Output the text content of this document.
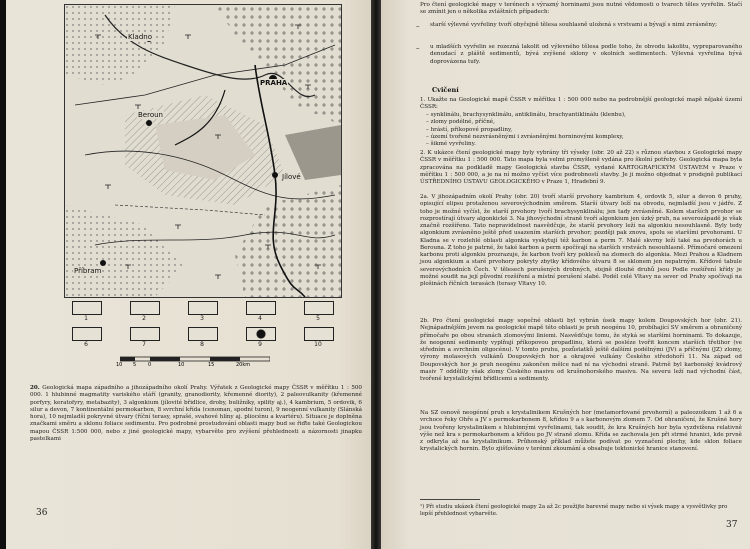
Kladno
PRAHA
Beroun
Jílové
Příbram
1	2	3	4	5
6	7	8	9	10
10 5 0	10	15	20km
20. Geologická mapa západního a jihozápadního okolí Prahy. Výřatek z Geologické mapy ČSSR v měřítku 1 : 500 000. 1 hlubinné magmatity variského stáří (granity, granodiority, křemenné diority), 2 paleovulkanity (křemenné porfyry, keratofyry, metabazity), 3 algonkium (jílovité břidlice, droby, buližníky, spility aj.), 4 kambrium, 5 ordovik, 6 silur a devon, 7 kontinentální permokarbon, 8 svrchní křída (cenoman, spodní turon), 9 neogenní vulkanity (Slánská hora), 10 nejmladší pokryvné útvary (říční terasy, sprašé, svahové hlíny aj. pliocénu a kvartéru). Situace je doplněna značkami směru a sklonu foliace sedimentu. Pro podrobné prostudování oblasti mapy bud se řiďte také Geologickou mapou ČSSR 1:500 000, nebo z jiné geologické mapy, vybarvěte pro zvýšení přehlednosti a názornosti jinapku pastelkami
36
Pro čtení geologické mapy v terénech s výrazný horninami jsou nutné vědomosti o tvarech těles vyvřelin. Stačí se zmínit jen o několika zvláštních případech:
– starší výlevné vyvřeliny tvoří obyčejně tělesa souhlasně uložená s vrstvami a bývají s nimi zvrásněny;
– u mladších vyvřelin se rozezná lakolit od výlevného tělesa podle toho, že obvodu lakolitu, vypreparovaného denudací z pláště sedimentů, bývá zvýšené sklony v okolních sedimentech. Výlevná vyvřelina bývá doprovázena tufy.
Cvičení
1. Ukažte na Geologické mapě ČSSR v měřítku 1 : 500 000 nebo na podrobnější geologické mapě nějaké území ČSSR:

– synklinálu, brachysynklinálu, antiklinálu, brachyantiklinálu (klenbu),

– zlomy podélné, příčné,

– hrástí, příkopové propadliny,

– území tvořené nezvrásněnými i zvrásněnými horninovými komplexy,

– šikmé vyvřeliny.

2. K ukázce čtení geologické mapy byly vybrány tři výseky (obr. 20 až 22) s různou stavbou z Geologické mapy ČSSR v měřítku 1 : 500 000. Tato mapa byla velmi promyšleně vydána pro školní potřeby. Geologická mapa byla zpracována na podkladě mapy Geologická stavba ČSSR, vydané KARTOGRAFICKÝM ÚSTAVEM v Praze v měřítku 1 : 500 000, a je na ní možno vyčíst více podrobností stavby. Je ji možno objednat v prodejně publikací ÚSTŘEDNÍHO ÚSTAVU GEOLOGICKÉHO v Praze 1, Hradební 9.
2a. V jihozápadním okolí Prahy (obr. 20) tvoří starší prvohory kambrium 4, ordovik 5, silur a devon 6 pruhy, opisující elipsu protaženou severovýchodním směrem. Starší útvary leží na obvodu, nejmladší jsou v jádře. Z toho je možné vyčíst, že starší prvohory tvoří brachysynklinálu; jen tady zvrásněné. Kolem starších prvohor se rozprostírají útvary algonkické 3. Na jihovýchodní straně tvoří algonkium jen úzký pruh, na severozápadě je však značně rozšířeno. Tato nepravidelnost nasvědčuje, že starší prvohory leží na algonkiu nesouhlasně. Byly tedy algonkium zvrásněno ještě před usazením starších prvohor; později pak znovu, spolu se staršími prvohorami. U Kladna se v rozlehlé oblasti algonkia vyskytují též karbon a perm 7. Malé skvrny leží také na prvohorách u Berouna. Z toho je patrné, že také karbon a perm spočívají na starších vrstvách nesouhlasně. Přímočaré omezení karbonu proti algonkiu prozrazuje, že karbon tvoří kry poklesů na zlomech do algonkia. Mezi Prahou a Kladnem jsou algonkium a staré prvohory pokryty zbytky křídového útvaru 8 se sklonem jen nepatrným. Křídové tabule severovýchodních Čech. V tělesech porušených drobných, stejně dlouhé druhů jsou Podle rozšíření křídy je možné soudit na její původní rozšíření a místní porušení slabé. Podél celé Vltavy na sever od Prahy spočívají na plošinách říčních terasách (terasy Vltavy 10.
2b. Pro čtení geologické mapy sopečné oblasti byl vybrán úsek mapy kolem Doupovských hor (obr. 21). Nejnápadnějším jevem na geologické mapě této oblasti je pruh neogénu 10, probíhající SV směrem a ohraničený přímočaře po obou stranách zlomovými liniemi. Nasvědčuje tomu, že styká se staršími horninami. To dokazuje, že neogenní sedimenty vyplňují příkopovou propadlinu, která se posléze tvořit koncem starších třetihor (ve středním a svrchním oligocénu). V tomto pruhu, pozůstatků ještě dalšími podélnými (JV) a příčnými (JZ) zlomy, výrony molasových vulkánů Doupovských hor a okrajové vulkány Českého středohoří 11. Na západ od Doupovských hor je pruh neogénu zakončen mělce nad ní na východní straně. Patrně byl karbonský kvádrový masiv 7 oddělily však zlomy Českého masivu od krušnohorského masivu. Na severu leží nad východní část, tvořené krystalickými břidlicemi a sedimenty.
Na SZ osnově neogénní pruh s krystalinikem Krušných hor (metamorfované prvohorní) a paleozoikum 1 až 6 a vrchoce řeky Ohře a JV s permokarbonem 8, křídou 9 a s karbonovým zlomem 7. Od ohraničení, že Krušné hory jsou tvořeny krystalinikem s hlubinnými vyvřelinami, tak soudit, že kra Krušných hor byla vyzdvižena relativně výše než kra s permokarbonem a křídou po JV straně zlomu. Křída se zachovala jen při strmé hranici, kde prvně z odkryla až na krystalinikum. Průhonský příklad můžete podívat po vyznačení plochy, kde sklon foliace krystalických hornin. Bylo zjišťováno v terénní zkoumání a obsahuje tektonické hranice stanovení.
¹) Při studiu ukázek čtení geologické mapy 2a až 2c použijte barevné mapy nebo si výsek mapy a vysvětlivky pro lepší přehlednost vybarvěte.
37
